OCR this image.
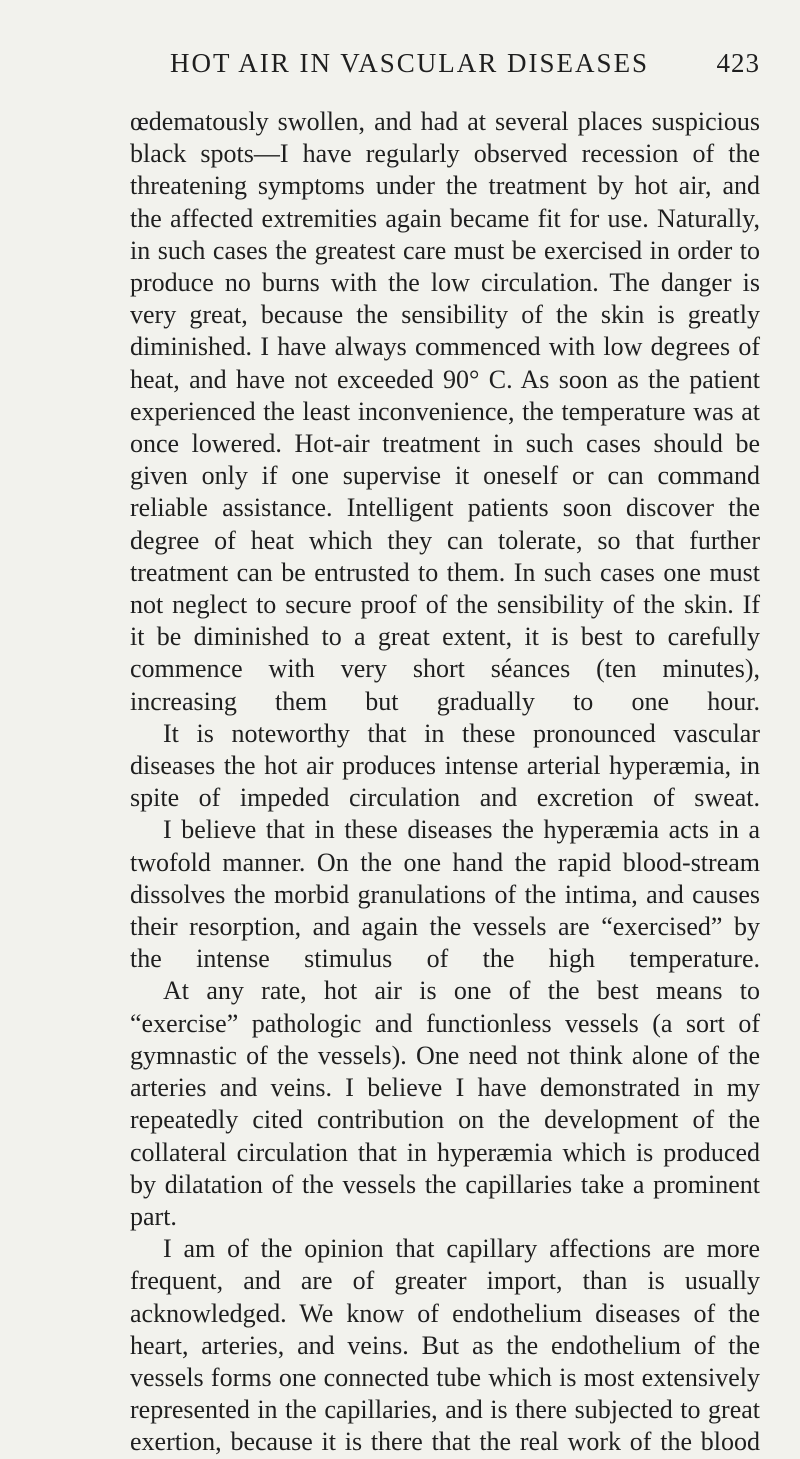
HOT AIR IN VASCULAR DISEASES 423

œdematously swollen, and had at several places suspicious black spots—I have regularly observed recession of the threatening symptoms under the treatment by hot air, and the affected extremities again became fit for use. Naturally, in such cases the greatest care must be exercised in order to produce no burns with the low circulation. The danger is very great, because the sensibility of the skin is greatly diminished. I have always commenced with low degrees of heat, and have not exceeded 90° C. As soon as the patient experienced the least inconvenience, the temperature was at once lowered. Hot-air treatment in such cases should be given only if one supervise it oneself or can command reliable assistance. Intelligent patients soon discover the degree of heat which they can tolerate, so that further treatment can be entrusted to them. In such cases one must not neglect to secure proof of the sensibility of the skin. If it be diminished to a great extent, it is best to carefully commence with very short séances (ten minutes), increasing them but gradually to one hour.

It is noteworthy that in these pronounced vascular diseases the hot air produces intense arterial hyperæmia, in spite of impeded circulation and excretion of sweat.

I believe that in these diseases the hyperæmia acts in a twofold manner. On the one hand the rapid blood-stream dissolves the morbid granulations of the intima, and causes their resorption, and again the vessels are “exercised” by the intense stimulus of the high temperature.

At any rate, hot air is one of the best means to “exercise” pathologic and functionless vessels (a sort of gymnastic of the vessels). One need not think alone of the arteries and veins. I believe I have demonstrated in my repeatedly cited contribution on the development of the collateral circulation that in hyperæmia which is produced by dilatation of the vessels the capillaries take a prominent part.

I am of the opinion that capillary affections are more frequent, and are of greater import, than is usually acknowledged. We know of endothelium diseases of the heart, arteries, and veins. But as the endothelium of the vessels forms one connected tube which is most extensively represented in the capillaries, and is there subjected to great exertion, because it is there that the real work of the blood
